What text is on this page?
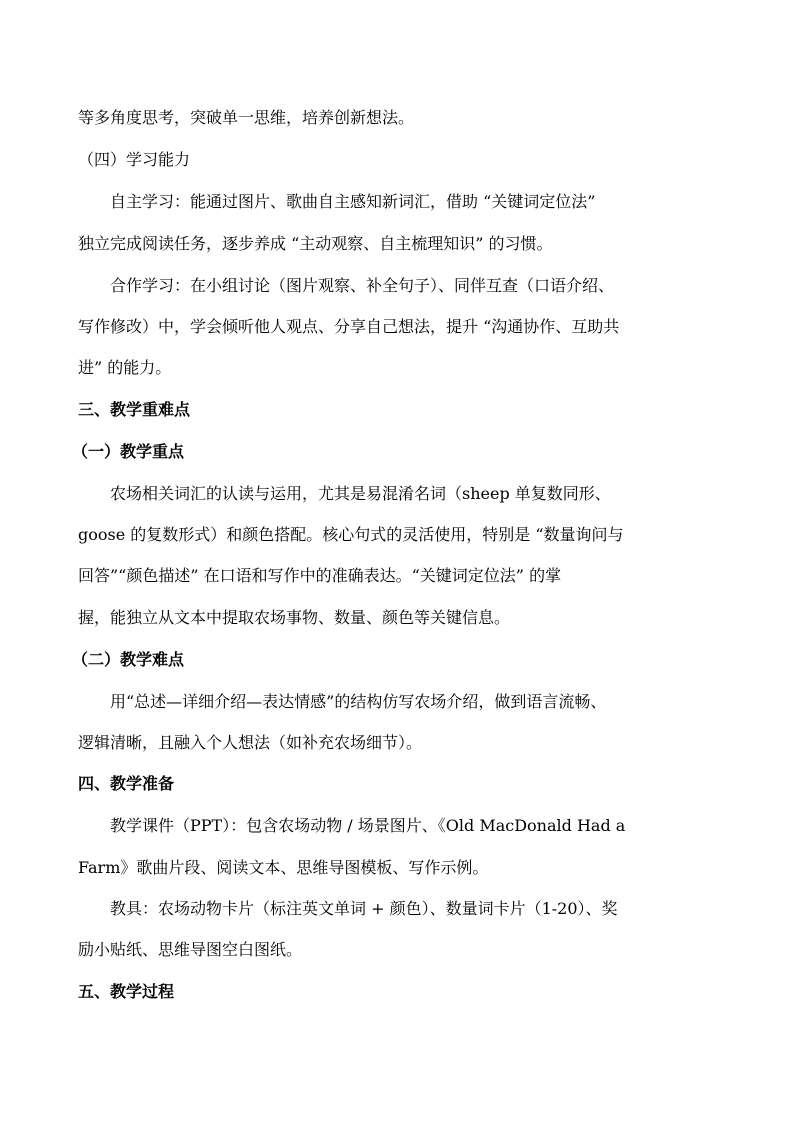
等多角度思考，突破单一思维，培养创新想法。
（四）学习能力
自主学习：能通过图片、歌曲自主感知新词汇，借助 “关键词定位法”
独立完成阅读任务，逐步养成 “主动观察、自主梳理知识” 的习惯。
合作学习：在小组讨论（图片观察、补全句子）、同伴互查（口语介绍、
写作修改）中，学会倾听他人观点、分享自己想法，提升 “沟通协作、互助共
进” 的能力。
三、教学重难点
（一）教学重点
农场相关词汇的认读与运用，尤其是易混淆名词（sheep 单复数同形、
goose 的复数形式）和颜色搭配。核心句式的灵活使用，特别是 “数量询问与
回答”“颜色描述” 在口语和写作中的准确表达。“关键词定位法” 的掌
握，能独立从文本中提取农场事物、数量、颜色等关键信息。
（二）教学难点
用“总述—详细介绍—表达情感”的结构仿写农场介绍，做到语言流畅、
逻辑清晰，且融入个人想法（如补充农场细节）。
四、教学准备
教学课件（PPT）：包含农场动物 / 场景图片、《Old MacDonald Had a
Farm》歌曲片段、阅读文本、思维导图模板、写作示例。
教具：农场动物卡片（标注英文单词 + 颜色）、数量词卡片（1-20）、奖
励小贴纸、思维导图空白图纸。
五、教学过程
